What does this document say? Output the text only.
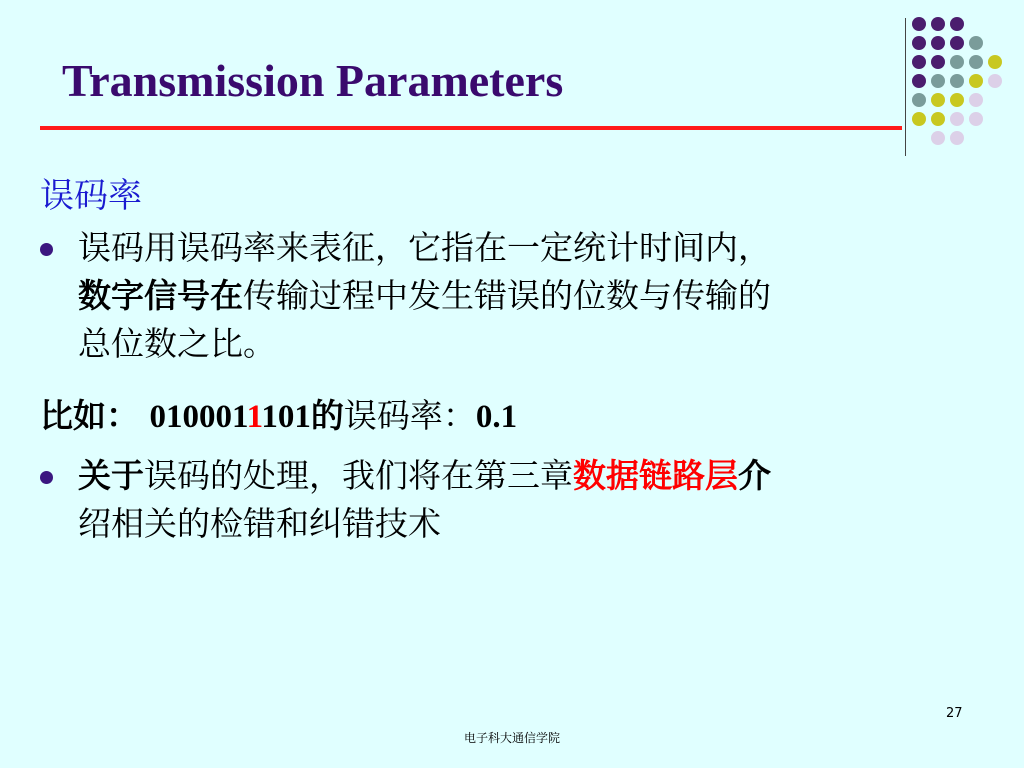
Transmission Parameters
误码率
误码用误码率来表征，它指在一定统计时间内，
数字信号在传输过程中发生错误的位数与传输的
总位数之比。
比如： 0100011101的误码率：0.1
关于误码的处理，我们将在第三章数据链路层介
绍相关的检错和纠错技术
27
电子科大通信学院
